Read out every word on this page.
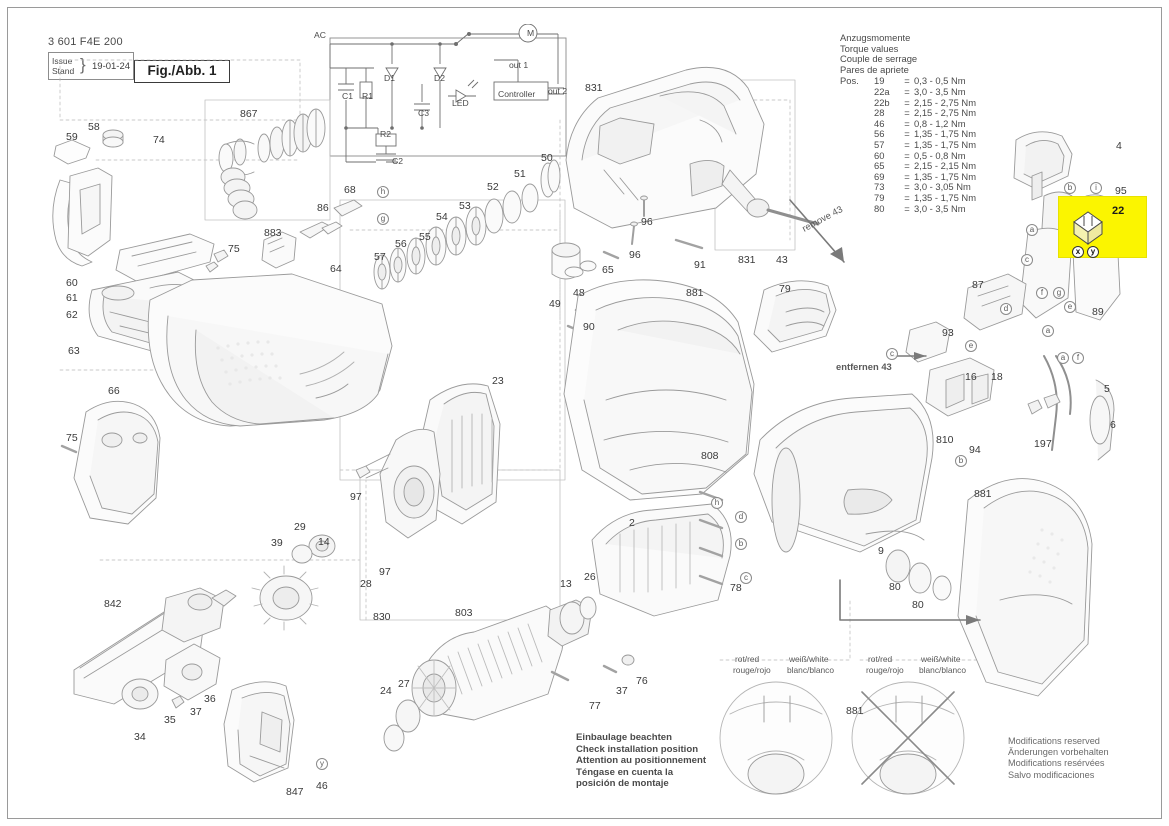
3 601 F4E 200
Issue
Stand } 19-01-24	Fig./Abb. 1
Anzugsmomente
Torque values
Couple de serrage
Pares de apriete
Pos.	19	=	0,3 - 0,5 Nm
	22a	=	3,0 - 3,5 Nm
	22b	=	2,15 - 2,75 Nm
	28	=	2,15 - 2,75 Nm
	46	=	0,8 - 1,2 Nm
	56	=	1,35 - 1,75 Nm
	57	=	1,35 - 1,75 Nm
	60	=	0,5 - 0,8 Nm
	65	=	2,15 - 2,15 Nm
	69	=	1,35 - 1,75 Nm
	73	=	3,0 - 3,05 Nm
	79	=	1,35 - 1,75 Nm
	80	=	3,0 - 3,5 Nm
AC	M
out 1
out 2
Controller
D1	D2
C1 R1
C3
LED
R2
C2
22
remove 43
entfernen 43
Einbaulage beachten
Check installation position
Attention au positionnement
Téngase en cuenta la
posición de montaje
Modifications reserved
Änderungen vorbehalten
Modifications resérvées
Salvo modificaciones
rot/red
rouge/rojo
weiß/white
blanc/blanco
rot/red
rouge/rojo
weiß/white
blanc/blanco
59
58
74
867
883
86
68
75
60
61
62
63
64
57
56
55
54
53
52
51
50
49
48
65
96
96
91
831
831 43
4
95
87
89
93
881	79
90
16 18
810
94
5
6
19 7
66
75
23
97
14
29
39
97
28
830	803
13
26
2
78
808
9
80
80
881
842
34
35
36
37
847 46
24
27
77
37
76
881
h
g
b	i
a
c
f	g
d	e
a
e
c	a	f
b
h
d
b
c
x	y
y
